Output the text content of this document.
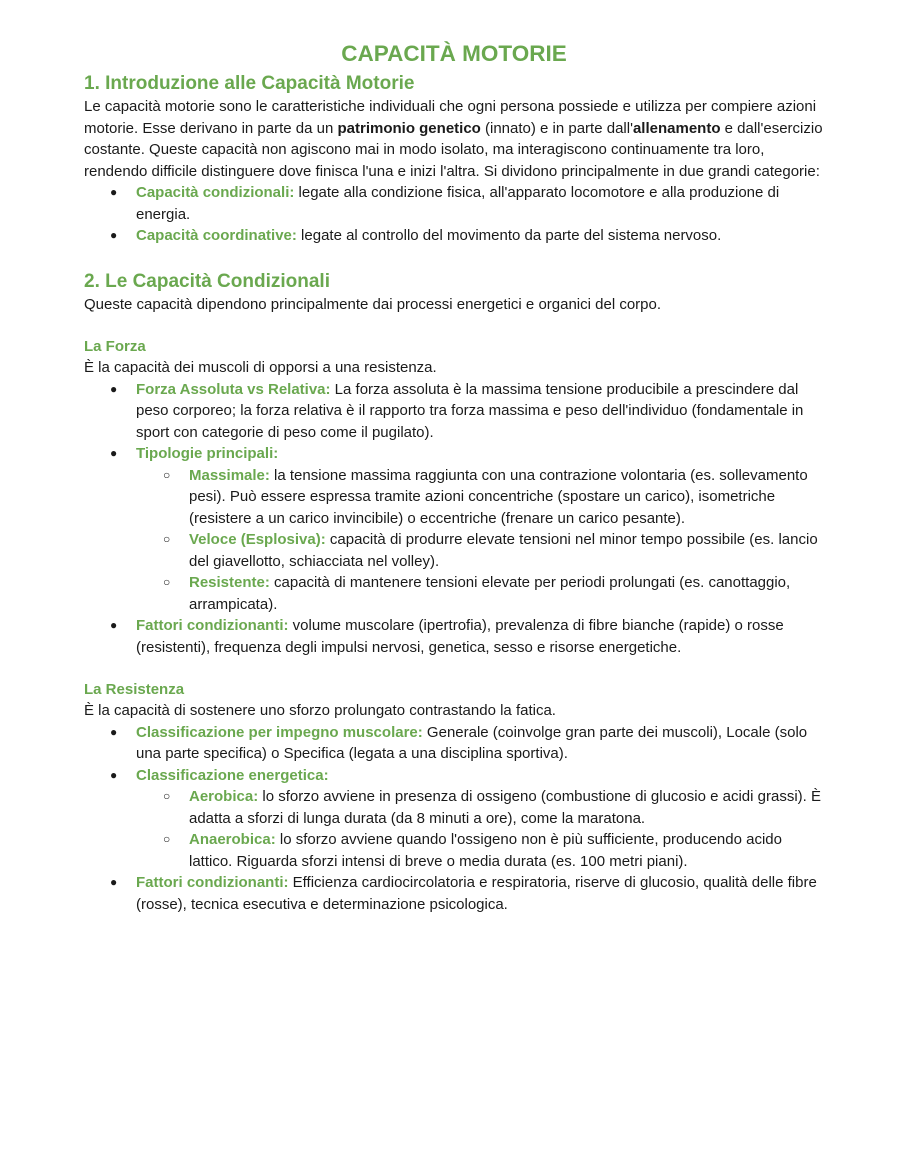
CAPACITÀ MOTORIE
1. Introduzione alle Capacità Motorie

Le capacità motorie sono le caratteristiche individuali che ogni persona possiede e utilizza per compiere azioni motorie. Esse derivano in parte da un patrimonio genetico (innato) e in parte dall'allenamento e dall'esercizio costante. Queste capacità non agiscono mai in modo isolato, ma interagiscono continuamente tra loro, rendendo difficile distinguere dove finisca l'una e inizi l'altra. Si dividono principalmente in due grandi categorie:

● Capacità condizionali: legate alla condizione fisica, all'apparato locomotore e alla produzione di energia.
● Capacità coordinative: legate al controllo del movimento da parte del sistema nervoso.
2. Le Capacità Condizionali

Queste capacità dipendono principalmente dai processi energetici e organici del corpo.

La Forza

È la capacità dei muscoli di opporsi a una resistenza.

● Forza Assoluta vs Relativa: La forza assoluta è la massima tensione producibile a prescindere dal peso corporeo; la forza relativa è il rapporto tra forza massima e peso dell'individuo (fondamentale in sport con categorie di peso come il pugilato).
● Tipologie principali:
○ Massimale: la tensione massima raggiunta con una contrazione volontaria (es. sollevamento pesi). Può essere espressa tramite azioni concentriche (spostare un carico), isometriche (resistere a un carico invincibile) o eccentriche (frenare un carico pesante).
○ Veloce (Esplosiva): capacità di produrre elevate tensioni nel minor tempo possibile (es. lancio del giavellotto, schiacciata nel volley).
○ Resistente: capacità di mantenere tensioni elevate per periodi prolungati (es. canottaggio, arrampicata).
● Fattori condizionanti: volume muscolare (ipertrofia), prevalenza di fibre bianche (rapide) o rosse (resistenti), frequenza degli impulsi nervosi, genetica, sesso e risorse energetiche.
La Resistenza

È la capacità di sostenere uno sforzo prolungato contrastando la fatica.

● Classificazione per impegno muscolare: Generale (coinvolge gran parte dei muscoli), Locale (solo una parte specifica) o Specifica (legata a una disciplina sportiva).
● Classificazione energetica:
○ Aerobica: lo sforzo avviene in presenza di ossigeno (combustione di glucosio e acidi grassi). È adatta a sforzi di lunga durata (da 8 minuti a ore), come la maratona.
○ Anaerobica: lo sforzo avviene quando l'ossigeno non è più sufficiente, producendo acido lattico. Riguarda sforzi intensi di breve o media durata (es. 100 metri piani).
● Fattori condizionanti: Efficienza cardiocircolatoria e respiratoria, riserve di glucosio, qualità delle fibre (rosse), tecnica esecutiva e determinazione psicologica.
